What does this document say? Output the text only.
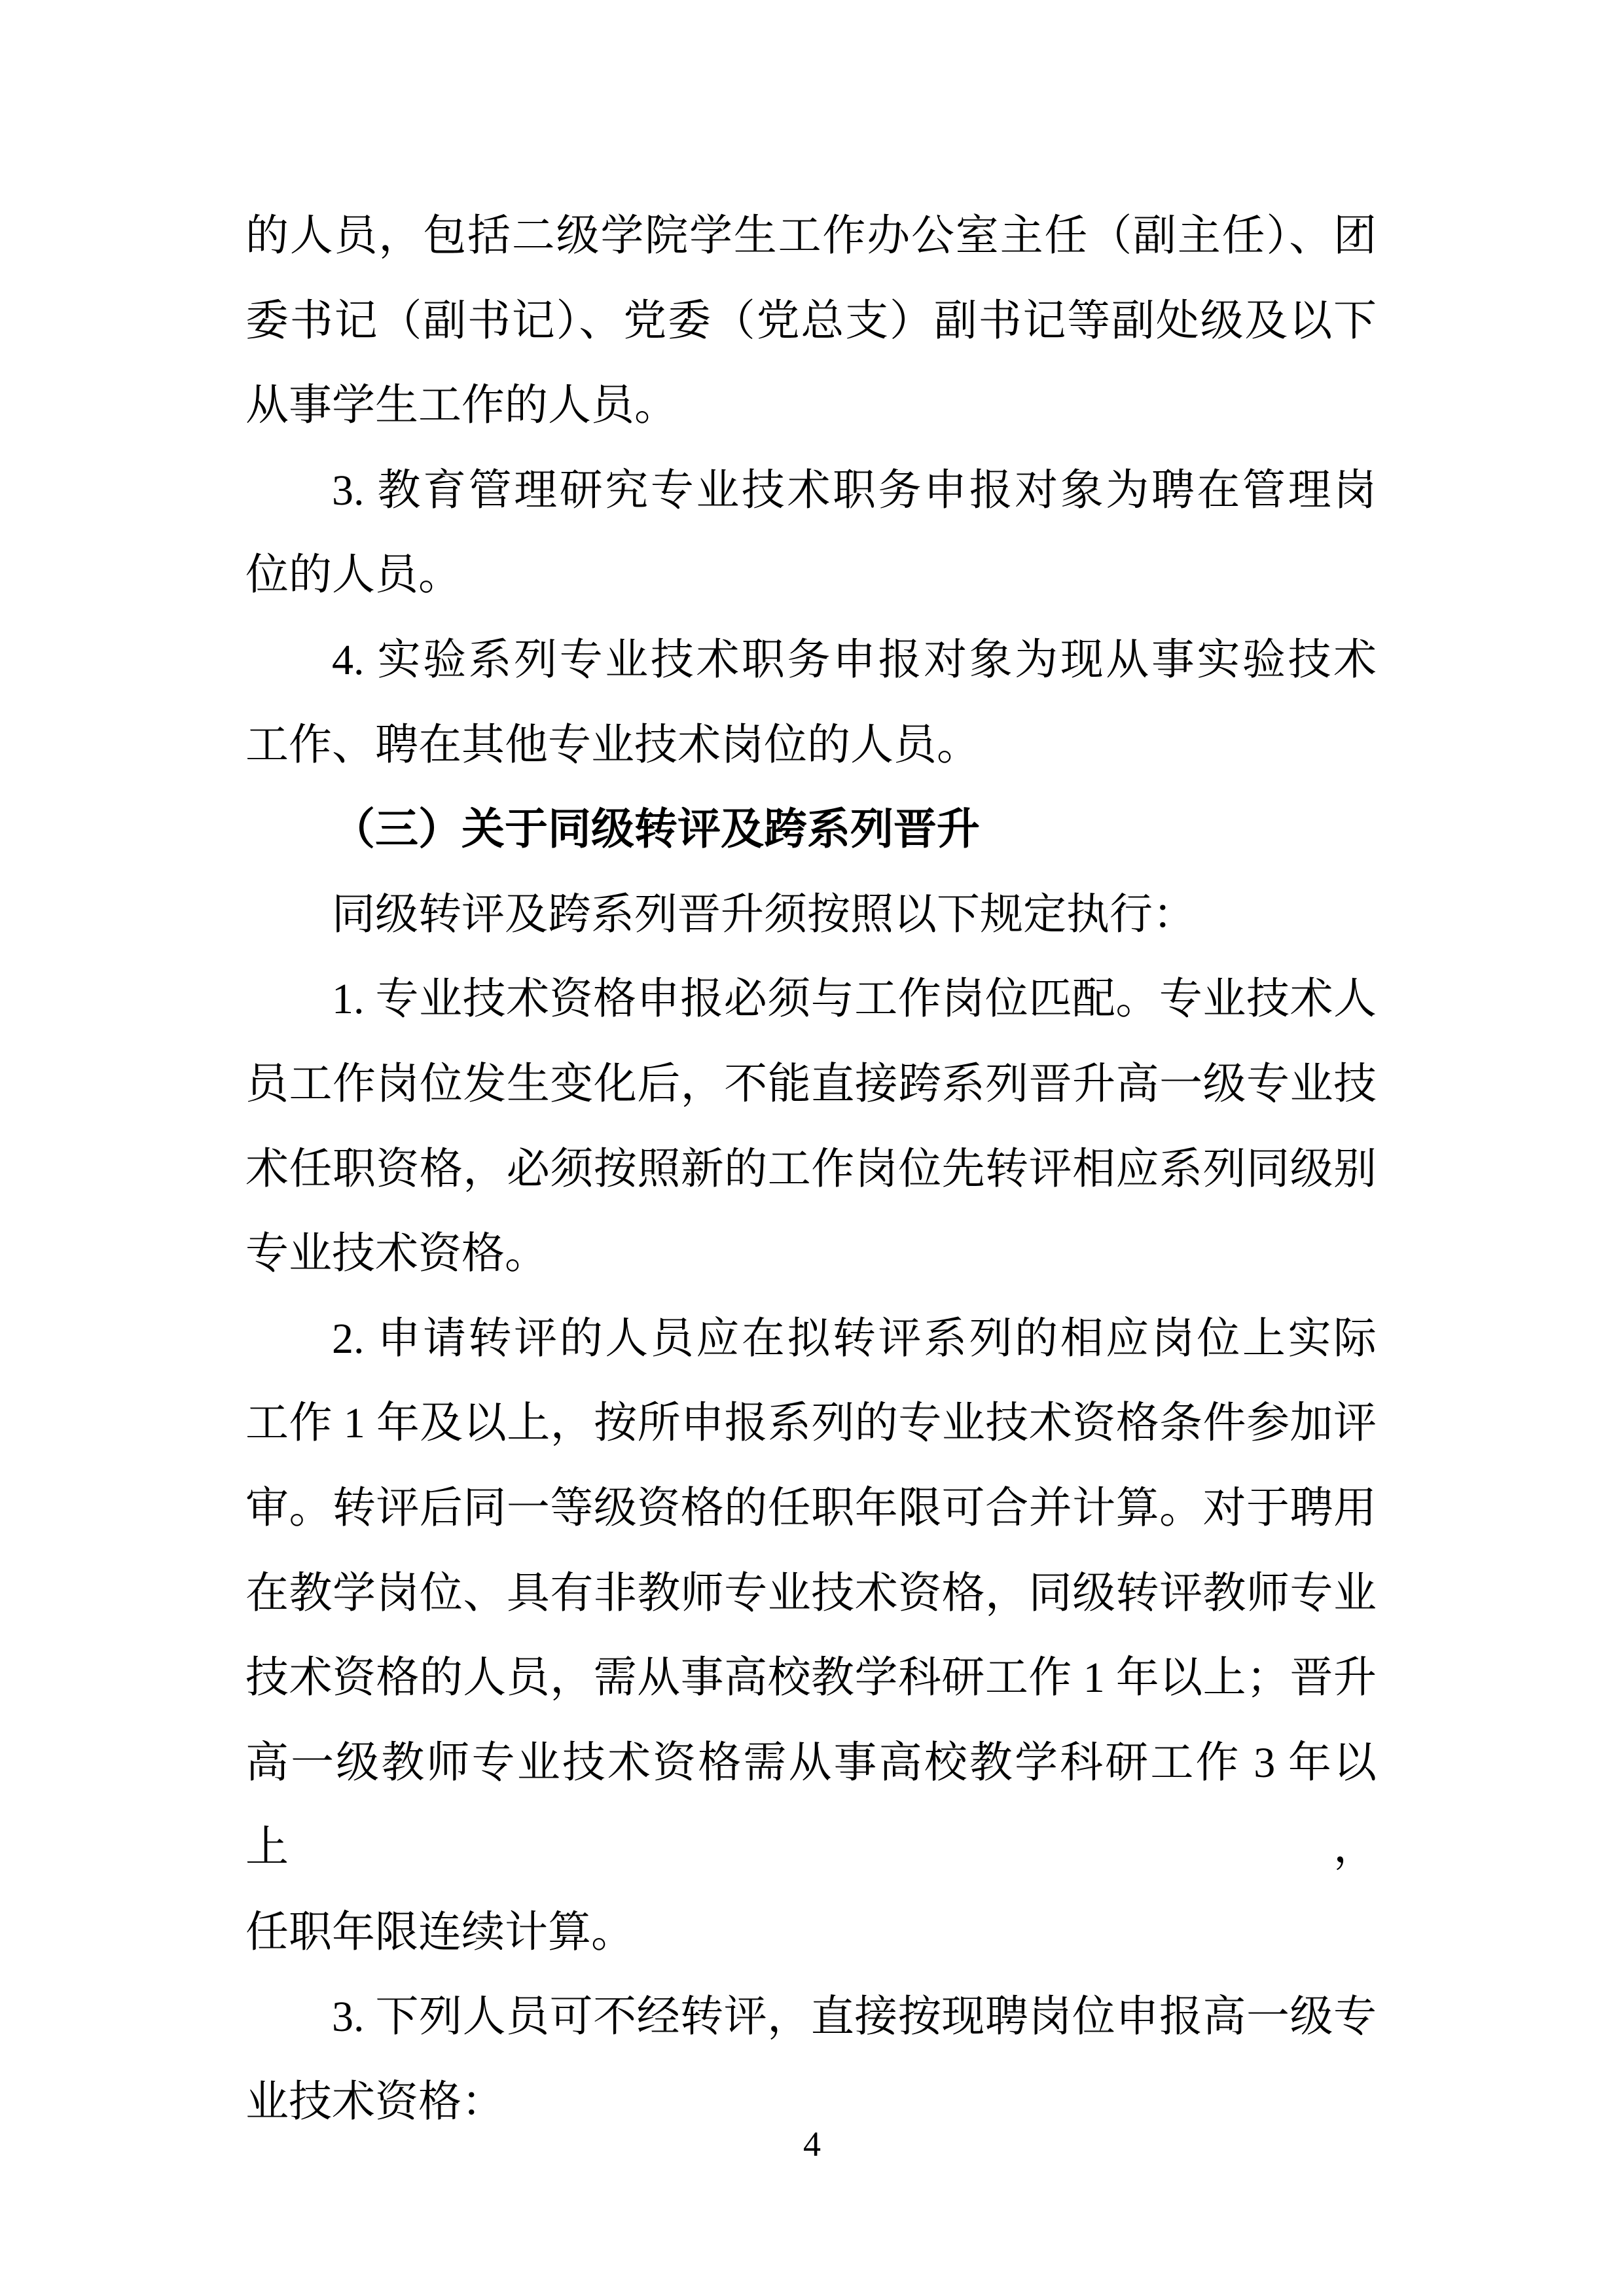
的人员，包括二级学院学生工作办公室主任（副主任）、团

委书记（副书记）、党委（党总支）副书记等副处级及以下

从事学生工作的人员。

3. 教育管理研究专业技术职务申报对象为聘在管理岗

位的人员。

4. 实验系列专业技术职务申报对象为现从事实验技术

工作、聘在其他专业技术岗位的人员。

（三）关于同级转评及跨系列晋升

同级转评及跨系列晋升须按照以下规定执行：

1. 专业技术资格申报必须与工作岗位匹配。专业技术人

员工作岗位发生变化后，不能直接跨系列晋升高一级专业技

术任职资格，必须按照新的工作岗位先转评相应系列同级别

专业技术资格。

2. 申请转评的人员应在拟转评系列的相应岗位上实际

工作 1 年及以上，按所申报系列的专业技术资格条件参加评

审。转评后同一等级资格的任职年限可合并计算。对于聘用

在教学岗位、具有非教师专业技术资格，同级转评教师专业

技术资格的人员，需从事高校教学科研工作 1 年以上；晋升

高一级教师专业技术资格需从事高校教学科研工作 3 年以上，

任职年限连续计算。

3. 下列人员可不经转评，直接按现聘岗位申报高一级专

业技术资格：

4
